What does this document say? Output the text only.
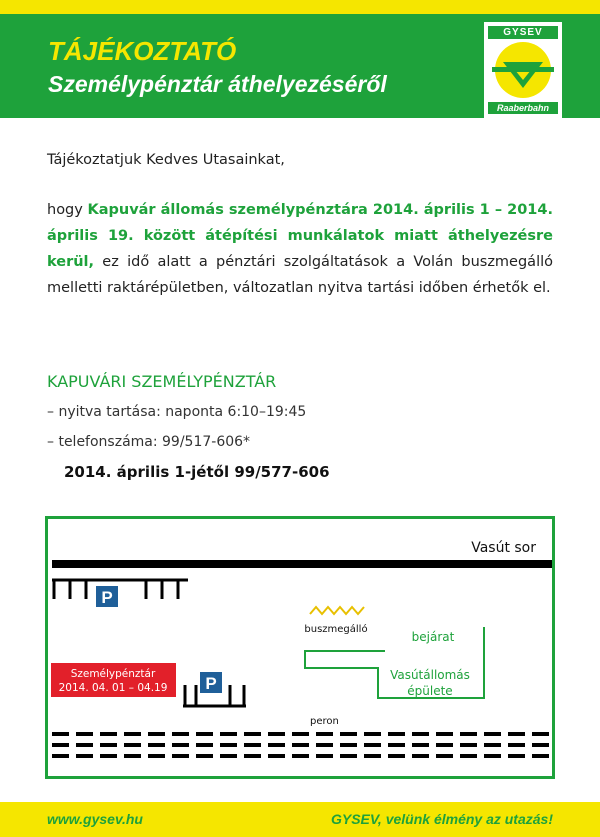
TÁJÉKOZTATÓ
Személypénztár áthelyezéséről
GYSEV
Raaberbahn
Tájékoztatjuk Kedves Utasainkat,
hogy Kapuvár állomás személypénztára 2014. április 1 – 2014. április 19. között átépítési munkálatok miatt áthelyezésre kerül, ez idő alatt a pénztári szolgáltatások a Volán buszmegálló melletti raktárépületben, változatlan nyitva tartási időben érhetők el.
KAPUVÁRI SZEMÉLYPÉNZTÁR
– nyitva tartása: naponta 6:10–19:45
– telefonszáma: 99/517-606*
2014. április 1-jétől 99/577-606
Vasút sor
P
Személypénztár
2014. 04. 01 – 04.19 P
buszmegálló
bejárat
Vasútállomás
épülete
peron
www.gysev.hu	GYSEV, velünk élmény az utazás!
